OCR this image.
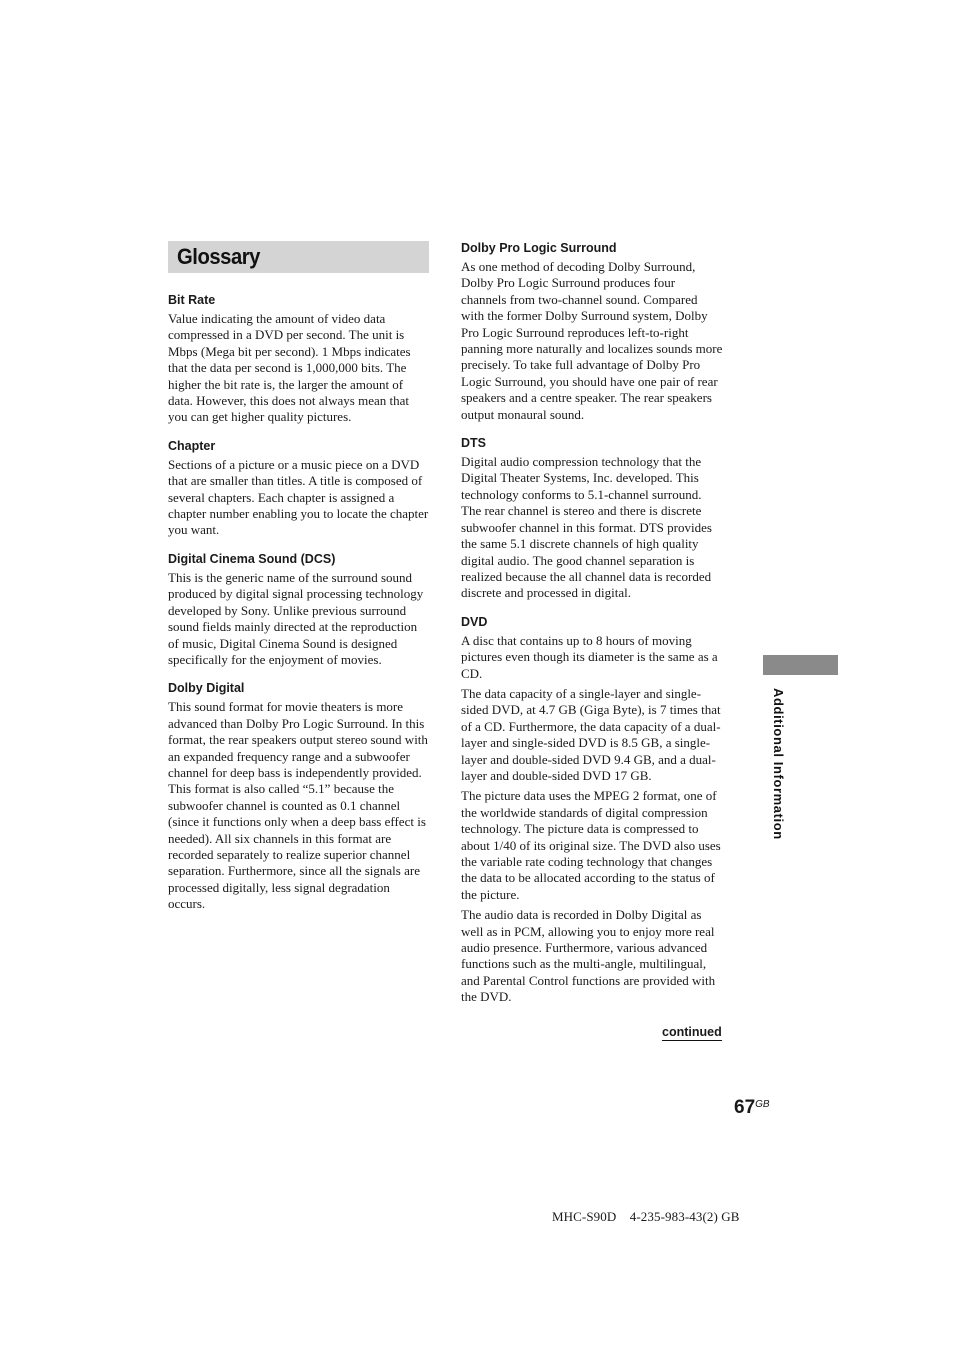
Glossary
Bit Rate

Value indicating the amount of video data compressed in a DVD per second. The unit is Mbps (Mega bit per second). 1 Mbps indicates that the data per second is 1,000,000 bits. The higher the bit rate is, the larger the amount of data. However, this does not always mean that you can get higher quality pictures.

Chapter

Sections of a picture or a music piece on a DVD that are smaller than titles. A title is composed of several chapters. Each chapter is assigned a chapter number enabling you to locate the chapter you want.

Digital Cinema Sound (DCS)

This is the generic name of the surround sound produced by digital signal processing technology developed by Sony. Unlike previous surround sound fields mainly directed at the reproduction of music, Digital Cinema Sound is designed specifically for the enjoyment of movies.

Dolby Digital

This sound format for movie theaters is more advanced than Dolby Pro Logic Surround. In this format, the rear speakers output stereo sound with an expanded frequency range and a subwoofer channel for deep bass is independently provided. This format is also called “5.1” because the subwoofer channel is counted as 0.1 channel (since it functions only when a deep bass effect is needed). All six channels in this format are recorded separately to realize superior channel separation. Furthermore, since all the signals are processed digitally, less signal degradation occurs.

Dolby Pro Logic Surround

As one method of decoding Dolby Surround, Dolby Pro Logic Surround produces four channels from two-channel sound. Compared with the former Dolby Surround system, Dolby Pro Logic Surround reproduces left-to-right panning more naturally and localizes sounds more precisely. To take full advantage of Dolby Pro Logic Surround, you should have one pair of rear speakers and a centre speaker. The rear speakers output monaural sound.

DTS

Digital audio compression technology that the Digital Theater Systems, Inc. developed. This technology conforms to 5.1-channel surround. The rear channel is stereo and there is discrete subwoofer channel in this format. DTS provides the same 5.1 discrete channels of high quality digital audio. The good channel separation is realized because the all channel data is recorded discrete and processed in digital.

DVD

A disc that contains up to 8 hours of moving pictures even though its diameter is the same as a CD.

The data capacity of a single-layer and single-sided DVD, at 4.7 GB (Giga Byte), is 7 times that of a CD. Furthermore, the data capacity of a dual-layer and single-sided DVD is 8.5 GB, a single-layer and double-sided DVD 9.4 GB, and a dual-layer and double-sided DVD 17 GB.

The picture data uses the MPEG 2 format, one of the worldwide standards of digital compression technology. The picture data is compressed to about 1/40 of its original size. The DVD also uses the variable rate coding technology that changes the data to be allocated according to the status of the picture.

The audio data is recorded in Dolby Digital as well as in PCM, allowing you to enjoy more real audio presence. Furthermore, various advanced functions such as the multi-angle, multilingual, and Parental Control functions are provided with the DVD.

continued
Additional Information
$67^{GB}$
MHC-S90D    4-235-983-43(2) GB
